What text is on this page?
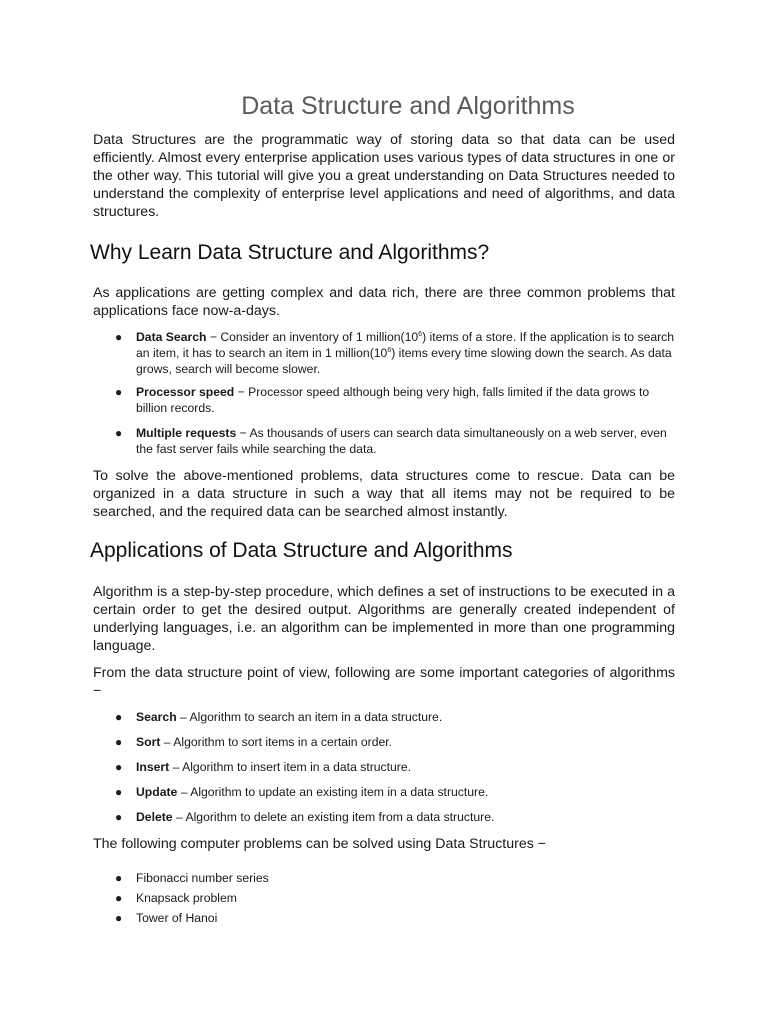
Data Structure and Algorithms

Data Structures are the programmatic way of storing data so that data can be used efficiently. Almost every enterprise application uses various types of data structures in one or the other way. This tutorial will give you a great understanding on Data Structures needed to understand the complexity of enterprise level applications and need of algorithms, and data structures.

Why Learn Data Structure and Algorithms?

As applications are getting complex and data rich, there are three common problems that applications face now-a-days.

● Data Search − Consider an inventory of 1 $million(10^6)$ items of a store. If the application is to search an item, it has to search an item in 1 $million(10^6)$ items every time slowing down the search. As data grows, search will become slower.
● Processor speed − Processor speed although being very high, falls limited if the data grows to billion records.
● Multiple requests − As thousands of users can search data simultaneously on a web server, even the fast server fails while searching the data.

To solve the above-mentioned problems, data structures come to rescue. Data can be organized in a data structure in such a way that all items may not be required to be searched, and the required data can be searched almost instantly.

Applications of Data Structure and Algorithms

Algorithm is a step-by-step procedure, which defines a set of instructions to be executed in a certain order to get the desired output. Algorithms are generally created independent of underlying languages, i.e. an algorithm can be implemented in more than one programming language.

From the data structure point of view, following are some important categories of algorithms −

● Search – Algorithm to search an item in a data structure.
● Sort – Algorithm to sort items in a certain order.
● Insert – Algorithm to insert item in a data structure.
● Update – Algorithm to update an existing item in a data structure.
● Delete – Algorithm to delete an existing item from a data structure.

The following computer problems can be solved using Data Structures −

● Fibonacci number series
● Knapsack problem
● Tower of Hanoi
